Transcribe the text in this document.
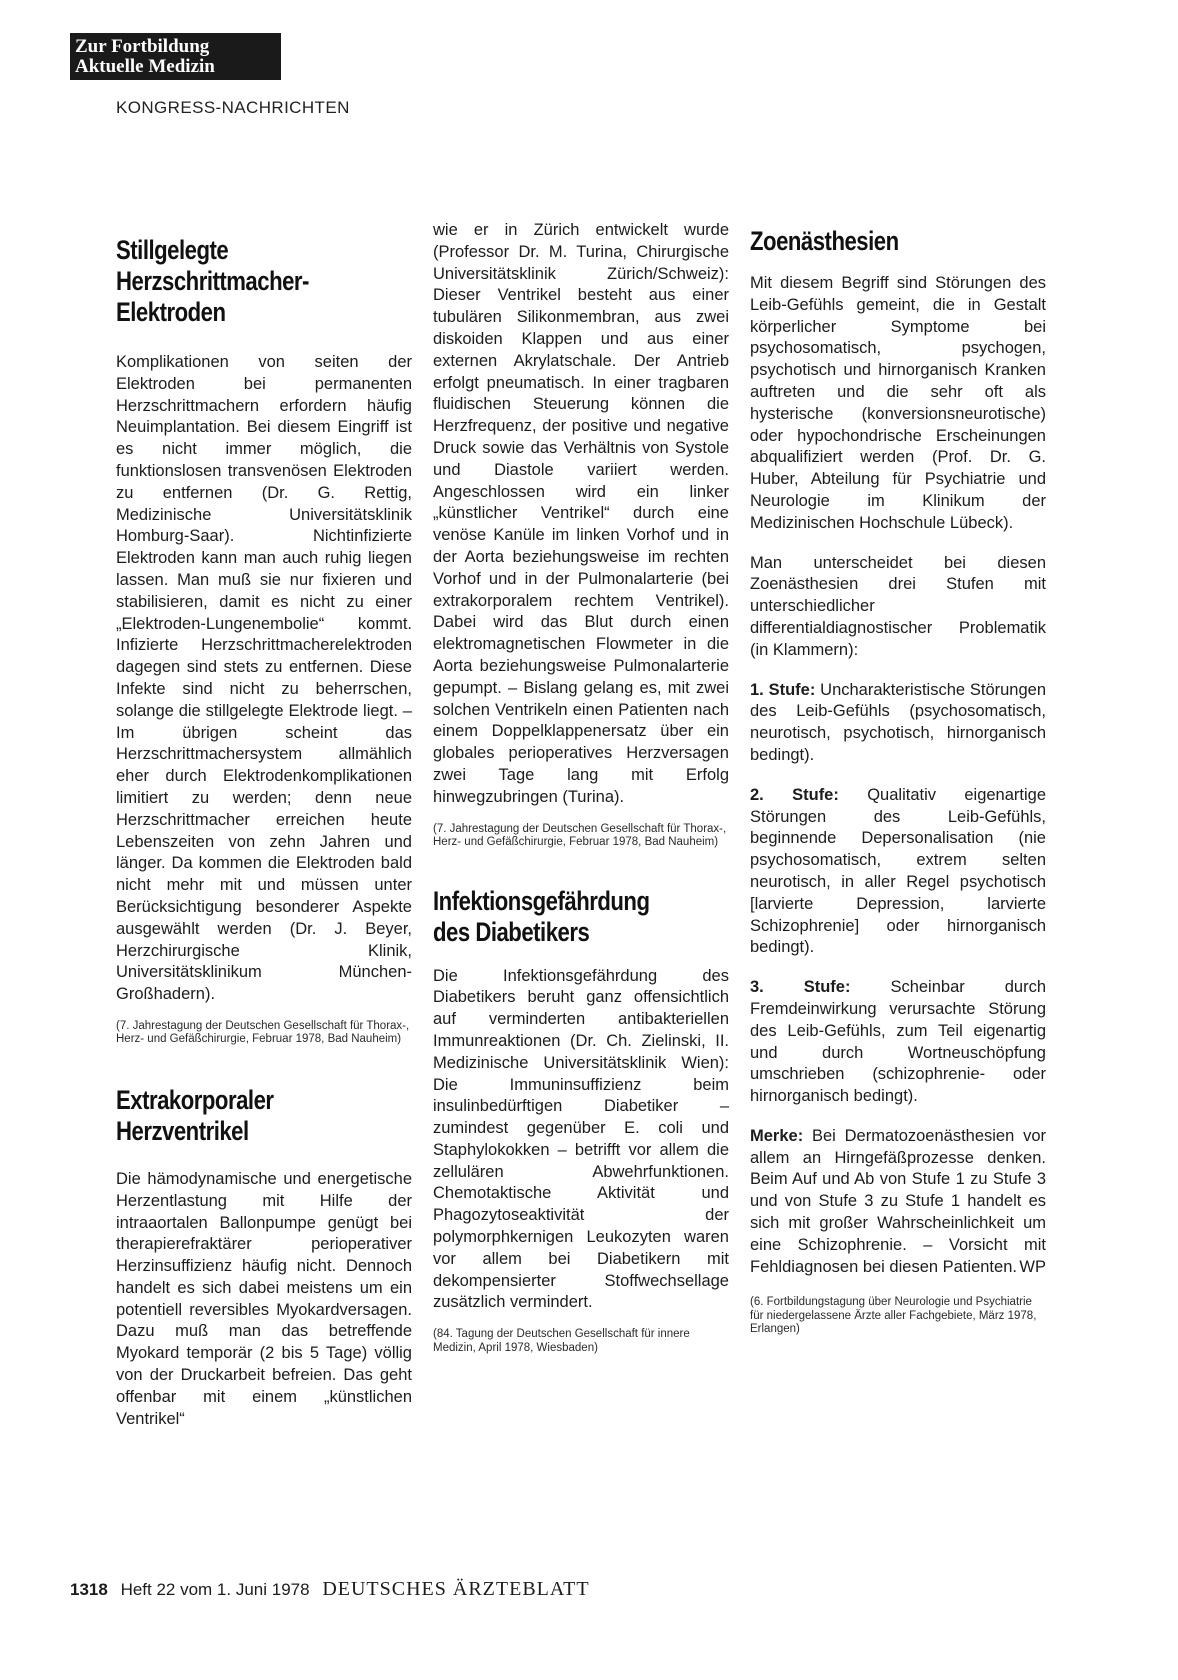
Zur Fortbildung
Aktuelle Medizin
KONGRESS-NACHRICHTEN
Stillgelegte Herzschrittmacher-Elektroden

Komplikationen von seiten der Elektroden bei permanenten Herzschrittmachern erfordern häufig Neuimplantation. Bei diesem Eingriff ist es nicht immer möglich, die funktionslosen transvenösen Elektroden zu entfernen (Dr. G. Rettig, Medizinische Universitätsklinik Homburg-Saar). Nichtinfizierte Elektroden kann man auch ruhig liegen lassen. Man muß sie nur fixieren und stabilisieren, damit es nicht zu einer „Elektroden-Lungenembolie“ kommt. Infizierte Herzschrittmacherelektroden dagegen sind stets zu entfernen. Diese Infekte sind nicht zu beherrschen, solange die stillgelegte Elektrode liegt. – Im übrigen scheint das Herzschrittmachersystem allmählich eher durch Elektrodenkomplikationen limitiert zu werden; denn neue Herzschrittmacher erreichen heute Lebenszeiten von zehn Jahren und länger. Da kommen die Elektroden bald nicht mehr mit und müssen unter Berücksichtigung besonderer Aspekte ausgewählt werden (Dr. J. Beyer, Herzchirurgische Klinik, Universitätsklinikum München-Großhadern).

(7. Jahrestagung der Deutschen Gesellschaft für Thorax-, Herz- und Gefäßchirurgie, Februar 1978, Bad Nauheim)

Extrakorporaler Herzventrikel

Die hämodynamische und energetische Herzentlastung mit Hilfe der intraaortalen Ballonpumpe genügt bei therapierefraktärer perioperativer Herzinsuffizienz häufig nicht. Dennoch handelt es sich dabei meistens um ein potentiell reversibles Myokardversagen. Dazu muß man das betreffende Myokard temporär (2 bis 5 Tage) völlig von der Druckarbeit befreien. Das geht offenbar mit einem „künstlichen Ventrikel“

wie er in Zürich entwickelt wurde (Professor Dr. M. Turina, Chirurgische Universitätsklinik Zürich/Schweiz): Dieser Ventrikel besteht aus einer tubulären Silikonmembran, aus zwei diskoiden Klappen und aus einer externen Akrylatschale. Der Antrieb erfolgt pneumatisch. In einer tragbaren fluidischen Steuerung können die Herzfrequenz, der positive und negative Druck sowie das Verhältnis von Systole und Diastole variiert werden. Angeschlossen wird ein linker „künstlicher Ventrikel“ durch eine venöse Kanüle im linken Vorhof und in der Aorta beziehungsweise im rechten Vorhof und in der Pulmonalarterie (bei extrakorporalem rechtem Ventrikel). Dabei wird das Blut durch einen elektromagnetischen Flowmeter in die Aorta beziehungsweise Pulmonalarterie gepumpt. – Bislang gelang es, mit zwei solchen Ventrikeln einen Patienten nach einem Doppelklappenersatz über ein globales perioperatives Herzversagen zwei Tage lang mit Erfolg hinwegzubringen (Turina).

(7. Jahrestagung der Deutschen Gesellschaft für Thorax-, Herz- und Gefäßchirurgie, Februar 1978, Bad Nauheim)

Infektionsgefährdung des Diabetikers

Die Infektionsgefährdung des Diabetikers beruht ganz offensichtlich auf verminderten antibakteriellen Immunreaktionen (Dr. Ch. Zielinski, II. Medizinische Universitätsklinik Wien): Die Immuninsuffizienz beim insulinbedürftigen Diabetiker – zumindest gegenüber E. coli und Staphylokokken – betrifft vor allem die zellulären Abwehrfunktionen. Chemotaktische Aktivität und Phagozytoseaktivität der polymorphkernigen Leukozyten waren vor allem bei Diabetikern mit dekompensierter Stoffwechsellage zusätzlich vermindert.

(84. Tagung der Deutschen Gesellschaft für innere Medizin, April 1978, Wiesbaden)

Zoenästhesien

Mit diesem Begriff sind Störungen des Leib-Gefühls gemeint, die in Gestalt körperlicher Symptome bei psychosomatisch, psychogen, psychotisch und hirnorganisch Kranken auftreten und die sehr oft als hysterische (konversionsneurotische) oder hypochondrische Erscheinungen abqualifiziert werden (Prof. Dr. G. Huber, Abteilung für Psychiatrie und Neurologie im Klinikum der Medizinischen Hochschule Lübeck).

Man unterscheidet bei diesen Zoenästhesien drei Stufen mit unterschiedlicher differentialdiagnostischer Problematik (in Klammern):

1. Stufe: Uncharakteristische Störungen des Leib-Gefühls (psychosomatisch, neurotisch, psychotisch, hirnorganisch bedingt).

2. Stufe: Qualitativ eigenartige Störungen des Leib-Gefühls, beginnende Depersonalisation (nie psychosomatisch, extrem selten neurotisch, in aller Regel psychotisch [larvierte Depression, larvierte Schizophrenie] oder hirnorganisch bedingt).

3. Stufe: Scheinbar durch Fremdeinwirkung verursachte Störung des Leib-Gefühls, zum Teil eigenartig und durch Wortneuschöpfung umschrieben (schizophrenie- oder hirnorganisch bedingt).

Merke: Bei Dermatozoenästhesien vor allem an Hirngefäßprozesse denken. Beim Auf und Ab von Stufe 1 zu Stufe 3 und von Stufe 3 zu Stufe 1 handelt es sich mit großer Wahrscheinlichkeit um eine Schizophrenie. – Vorsicht mit Fehldiagnosen bei diesen Patienten. WP

(6. Fortbildungstagung über Neurologie und Psychiatrie für niedergelassene Ärzte aller Fachgebiete, März 1978, Erlangen)

1318 Heft 22 vom 1. Juni 1978 DEUTSCHES ÄRZTEBLATT
